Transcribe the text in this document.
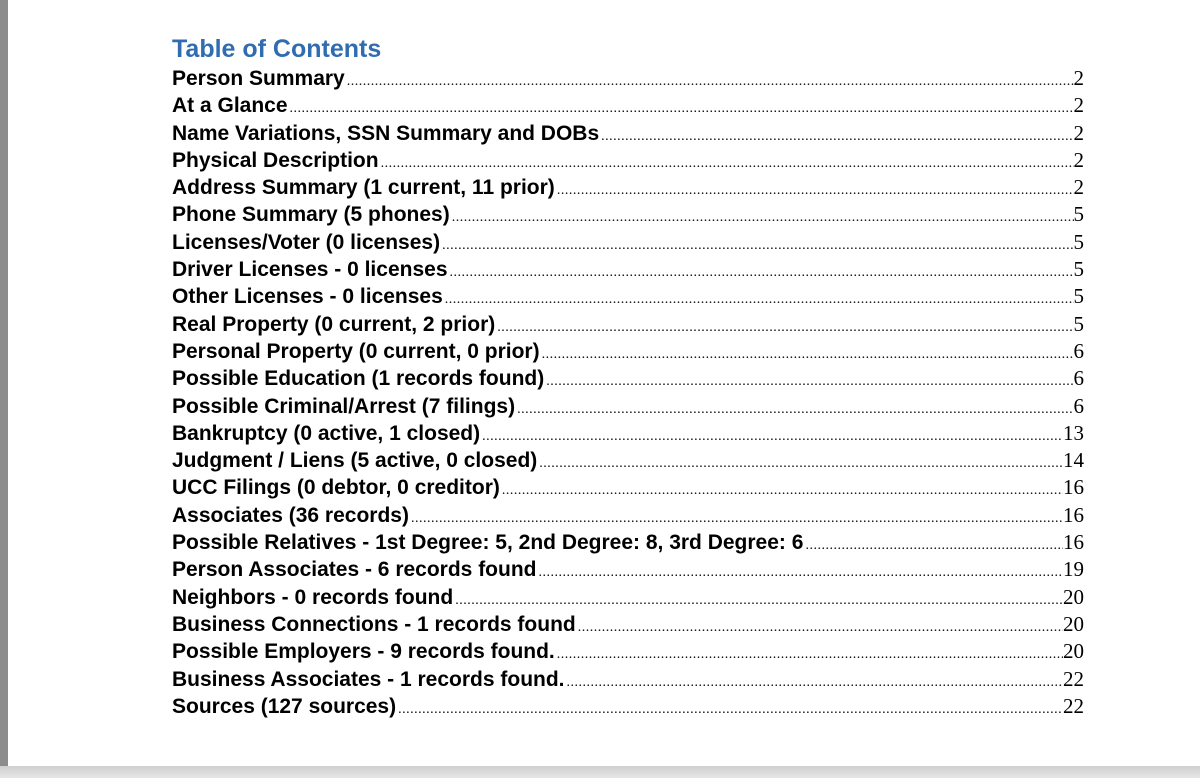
Table of Contents
Person Summary .....	2
At a Glance .....	2
Name Variations, SSN Summary and DOBs .....	2
Physical Description .....	2
Address Summary (1 current, 11 prior) .....	2
Phone Summary (5 phones) .....	5
Licenses/Voter (0 licenses) .....	5
Driver Licenses - 0 licenses .....	5
Other Licenses - 0 licenses .....	5
Real Property (0 current, 2 prior) .....	5
Personal Property (0 current, 0 prior) .....	6
Possible Education (1 records found) .....	6
Possible Criminal/Arrest (7 filings) .....	6
Bankruptcy (0 active, 1 closed) .....	13
Judgment / Liens (5 active, 0 closed) .....	14
UCC Filings (0 debtor, 0 creditor) .....	16
Associates (36 records) .....	16
Possible Relatives - 1st Degree: 5, 2nd Degree: 8, 3rd Degree: 6 .....	16
Person Associates - 6 records found .....	19
Neighbors - 0 records found .....	20
Business Connections - 1 records found .....	20
Possible Employers - 9 records found. .....	20
Business Associates - 1 records found. .....	22
Sources (127 sources) .....	22
